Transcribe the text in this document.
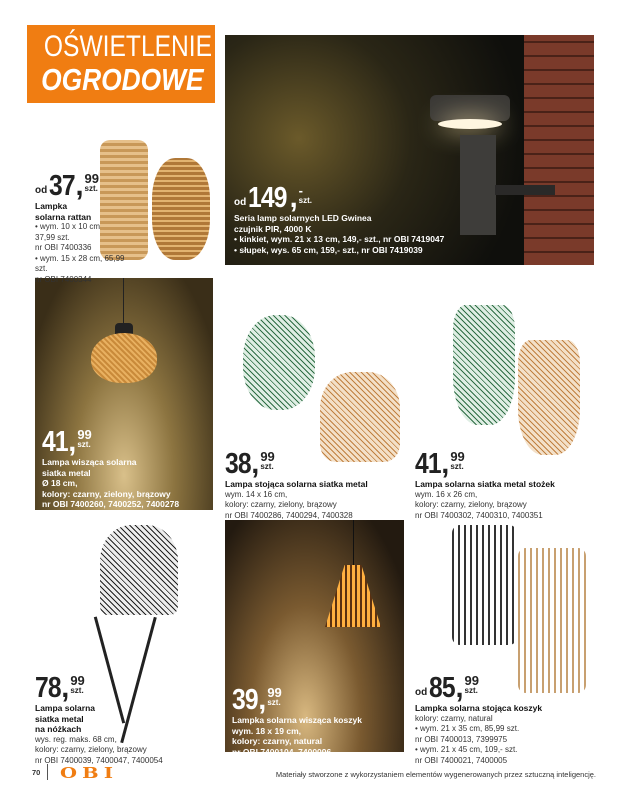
OŚWIETLENIE
OGRODOWE
od 37 , 99
szt.
Lampka
solarna rattan
• wym. 10 x 10 cm
37,99 szt.
nr OBI 7400336
• wym. 15 x 28 cm, 65,99 szt.
nr OBI 7400344
od 149 , -
szt.
Seria lamp solarnych LED Gwinea
czujnik PIR, 4000 K
• kinkiet, wym. 21 x 13 cm, 149,- szt., nr OBI 7419047
• słupek, wys. 65 cm, 159,- szt., nr OBI 7419039
41 , 99
szt.
Lampa wisząca solarna
siatka metal
Ø 18 cm,
kolory: czarny, zielony, brązowy
nr OBI 7400260, 7400252, 7400278
38 , 99
szt.
Lampa stojąca solarna siatka metal
wym. 14 x 16 cm,
kolory: czarny, zielony, brązowy
nr OBI 7400286, 7400294, 7400328
41 , 99
szt.
Lampa solarna siatka metal stożek
wym. 16 x 26 cm,
kolory: czarny, zielony, brązowy
nr OBI 7400302, 7400310, 7400351
78 , 99
szt.
Lampa solarna
siatka metal
na nóżkach
wys. reg. maks. 68 cm,
kolory: czarny, zielony, brązowy
nr OBI 7400039, 7400047, 7400054
39 , 99
szt.
Lampka solarna wisząca koszyk
wym. 18 x 19 cm,
kolory: czarny, natural
nr OBI 7400104, 7400096
od 85 , 99
szt.
Lampka solarna stojąca koszyk
kolory: czarny, natural
• wym. 21 x 35 cm, 85,99 szt.
nr OBI 7400013, 7399975
• wym. 21 x 45 cm, 109,- szt.
nr OBI 7400021, 7400005
70 OBI	Materiały stworzone z wykorzystaniem elementów wygenerowanych przez sztuczną inteligencję.
